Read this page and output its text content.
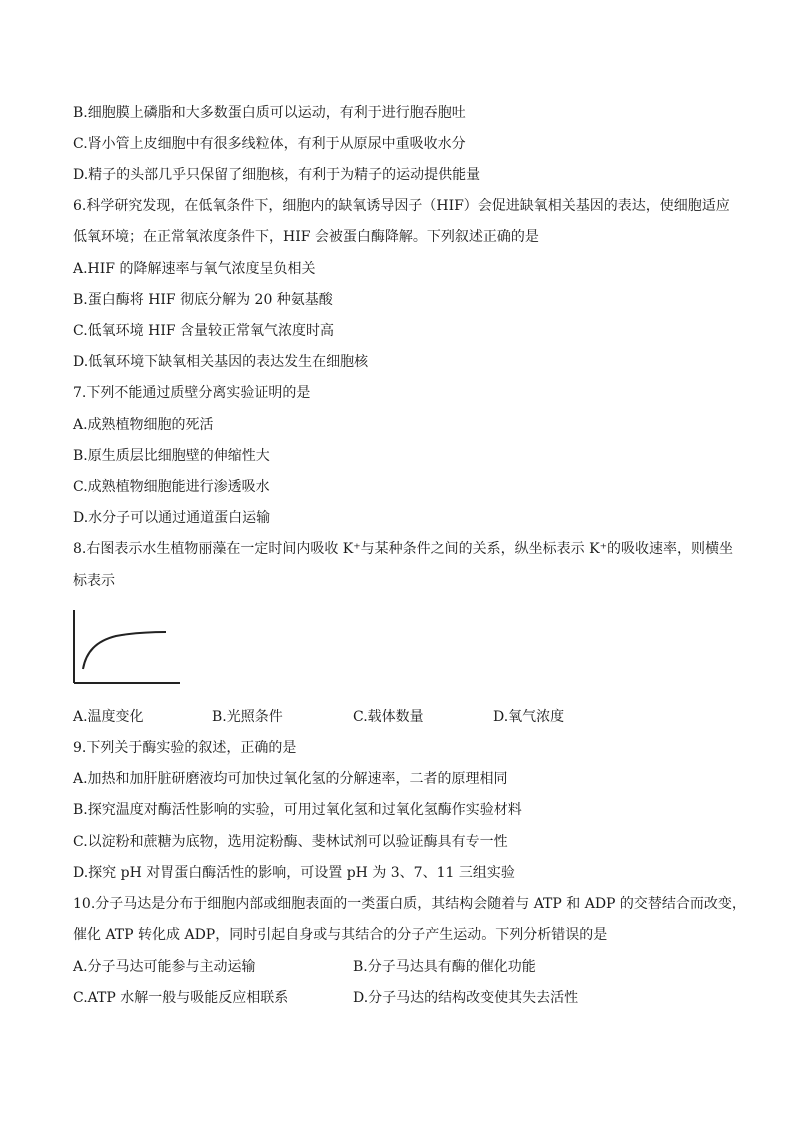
B.细胞膜上磷脂和大多数蛋白质可以运动，有利于进行胞吞胞吐
C.肾小管上皮细胞中有很多线粒体，有利于从原尿中重吸收水分
D.精子的头部几乎只保留了细胞核，有利于为精子的运动提供能量
6.科学研究发现，在低氧条件下，细胞内的缺氧诱导因子（HIF）会促进缺氧相关基因的表达，使细胞适应
低氧环境；在正常氧浓度条件下，HIF 会被蛋白酶降解。下列叙述正确的是
A.HIF 的降解速率与氧气浓度呈负相关
B.蛋白酶将 HIF 彻底分解为 20 种氨基酸
C.低氧环境 HIF 含量较正常氧气浓度时高
D.低氧环境下缺氧相关基因的表达发生在细胞核
7.下列不能通过质壁分离实验证明的是
A.成熟植物细胞的死活
B.原生质层比细胞壁的伸缩性大
C.成熟植物细胞能进行渗透吸水
D.水分子可以通过通道蛋白运输
8.右图表示水生植物丽藻在一定时间内吸收 K⁺与某种条件之间的关系，纵坐标表示 K⁺的吸收速率，则横坐
标表示
A.温度变化	B.光照条件	C.载体数量	D.氧气浓度
9.下列关于酶实验的叙述，正确的是
A.加热和加肝脏研磨液均可加快过氧化氢的分解速率，二者的原理相同
B.探究温度对酶活性影响的实验，可用过氧化氢和过氧化氢酶作实验材料
C.以淀粉和蔗糖为底物，选用淀粉酶、斐林试剂可以验证酶具有专一性
D.探究 pH 对胃蛋白酶活性的影响，可设置 pH 为 3、7、11 三组实验
10.分子马达是分布于细胞内部或细胞表面的一类蛋白质，其结构会随着与 ATP 和 ADP 的交替结合而改变，
催化 ATP 转化成 ADP，同时引起自身或与其结合的分子产生运动。下列分析错误的是
A.分子马达可能参与主动运输	B.分子马达具有酶的催化功能
C.ATP 水解一般与吸能反应相联系	D.分子马达的结构改变使其失去活性
